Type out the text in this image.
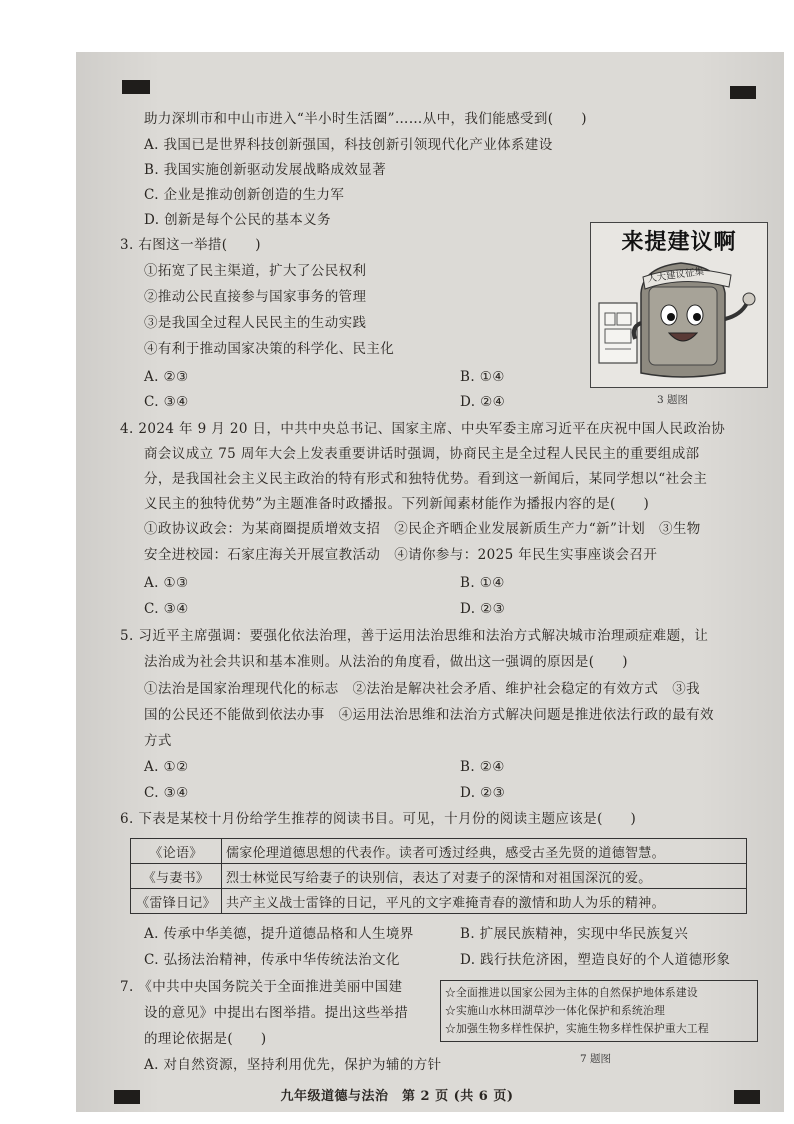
助力深圳市和中山市进入“半小时生活圈”……从中，我们能感受到(　　)
A. 我国已是世界科技创新强国，科技创新引领现代化产业体系建设
B. 我国实施创新驱动发展战略成效显著
C. 企业是推动创新创造的生力军
D. 创新是每个公民的基本义务
3. 右图这一举措(　　)
①拓宽了民主渠道，扩大了公民权利
②推动公民直接参与国家事务的管理
③是我国全过程人民民主的生动实践
④有利于推动国家决策的科学化、民主化
A. ②③	B. ①④
C. ③④	D. ②④
来提建议啊
人大建议征集
3 题图
4. 2024 年 9 月 20 日，中共中央总书记、国家主席、中央军委主席习近平在庆祝中国人民政治协
商会议成立 75 周年大会上发表重要讲话时强调，协商民主是全过程人民民主的重要组成部
分，是我国社会主义民主政治的特有形式和独特优势。看到这一新闻后，某同学想以“社会主
义民主的独特优势”为主题准备时政播报。下列新闻素材能作为播报内容的是(　　)
①政协议政会：为某商圈提质增效支招　②民企齐晒企业发展新质生产力“新”计划　③生物
安全进校园：石家庄海关开展宣教活动　④请你参与：2025 年民生实事座谈会召开
A. ①③	B. ①④
C. ③④	D. ②③
5. 习近平主席强调：要强化依法治理，善于运用法治思维和法治方式解决城市治理顽症难题，让
法治成为社会共识和基本准则。从法治的角度看，做出这一强调的原因是(　　)
①法治是国家治理现代化的标志　②法治是解决社会矛盾、维护社会稳定的有效方式　③我
国的公民还不能做到依法办事　④运用法治思维和法治方式解决问题是推进依法行政的最有效
方式
A. ①②	B. ②④
C. ③④	D. ②③
6. 下表是某校十月份给学生推荐的阅读书目。可见，十月份的阅读主题应该是(　　)
《论语》	儒家伦理道德思想的代表作。读者可透过经典，感受古圣先贤的道德智慧。
《与妻书》	烈士林觉民写给妻子的诀别信，表达了对妻子的深情和对祖国深沉的爱。
《雷锋日记》	共产主义战士雷锋的日记，平凡的文字难掩青春的激情和助人为乐的精神。
A. 传承中华美德，提升道德品格和人生境界	B. 扩展民族精神，实现中华民族复兴
C. 弘扬法治精神，传承中华传统法治文化	D. 践行扶危济困，塑造良好的个人道德形象
7. 《中共中央国务院关于全面推进美丽中国建
设的意见》中提出右图举措。提出这些举措
的理论依据是(　　)
☆全面推进以国家公园为主体的自然保护地体系建设
☆实施山水林田湖草沙一体化保护和系统治理
☆加强生物多样性保护，实施生物多样性保护重大工程
7 题图
A. 对自然资源，坚持利用优先，保护为辅的方针
九年级道德与法治　第 2 页 (共 6 页)
